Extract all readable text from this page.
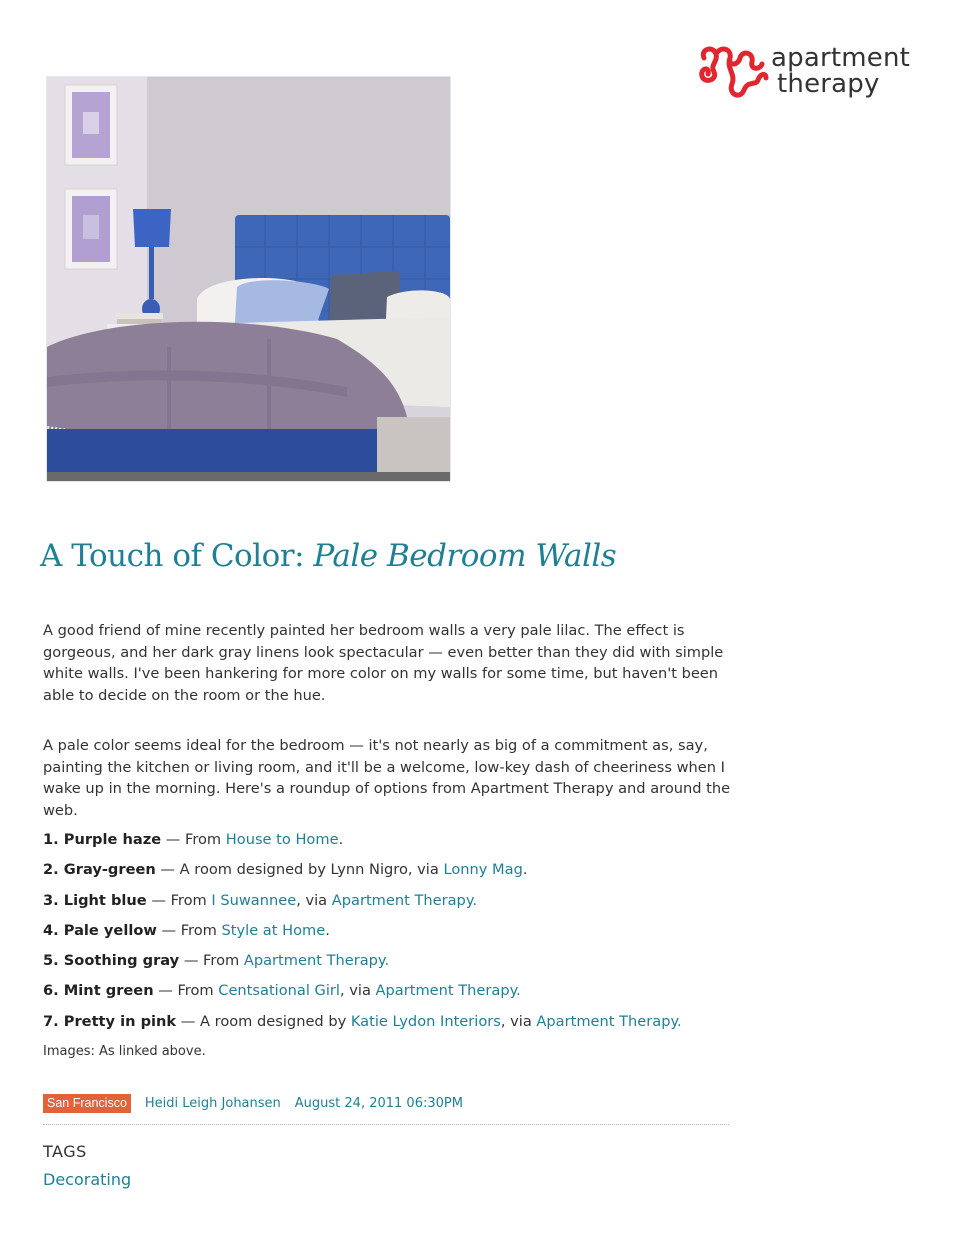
apartment
therapy
A Touch of Color: Pale Bedroom Walls

A good friend of mine recently painted her bedroom walls a very pale lilac. The effect is gorgeous, and her dark gray linens look spectacular — even better than they did with simple white walls. I've been hankering for more color on my walls for some time, but haven't been able to decide on the room or the hue.

A pale color seems ideal for the bedroom — it's not nearly as big of a commitment as, say, painting the kitchen or living room, and it'll be a welcome, low-key dash of cheeriness when I wake up in the morning. Here's a roundup of options from Apartment Therapy and around the web.

1. Purple haze — From House to Home.
2. Gray-green — A room designed by Lynn Nigro, via Lonny Mag.
3. Light blue — From I Suwannee, via Apartment Therapy.
4. Pale yellow — From Style at Home.
5. Soothing gray — From Apartment Therapy.
6. Mint green — From Centsational Girl, via Apartment Therapy.
7. Pretty in pink — A room designed by Katie Lydon Interiors, via Apartment Therapy.

Images: As linked above.

San Francisco Heidi Leigh Johansen August 24, 2011 06:30PM
TAGS
Decorating
